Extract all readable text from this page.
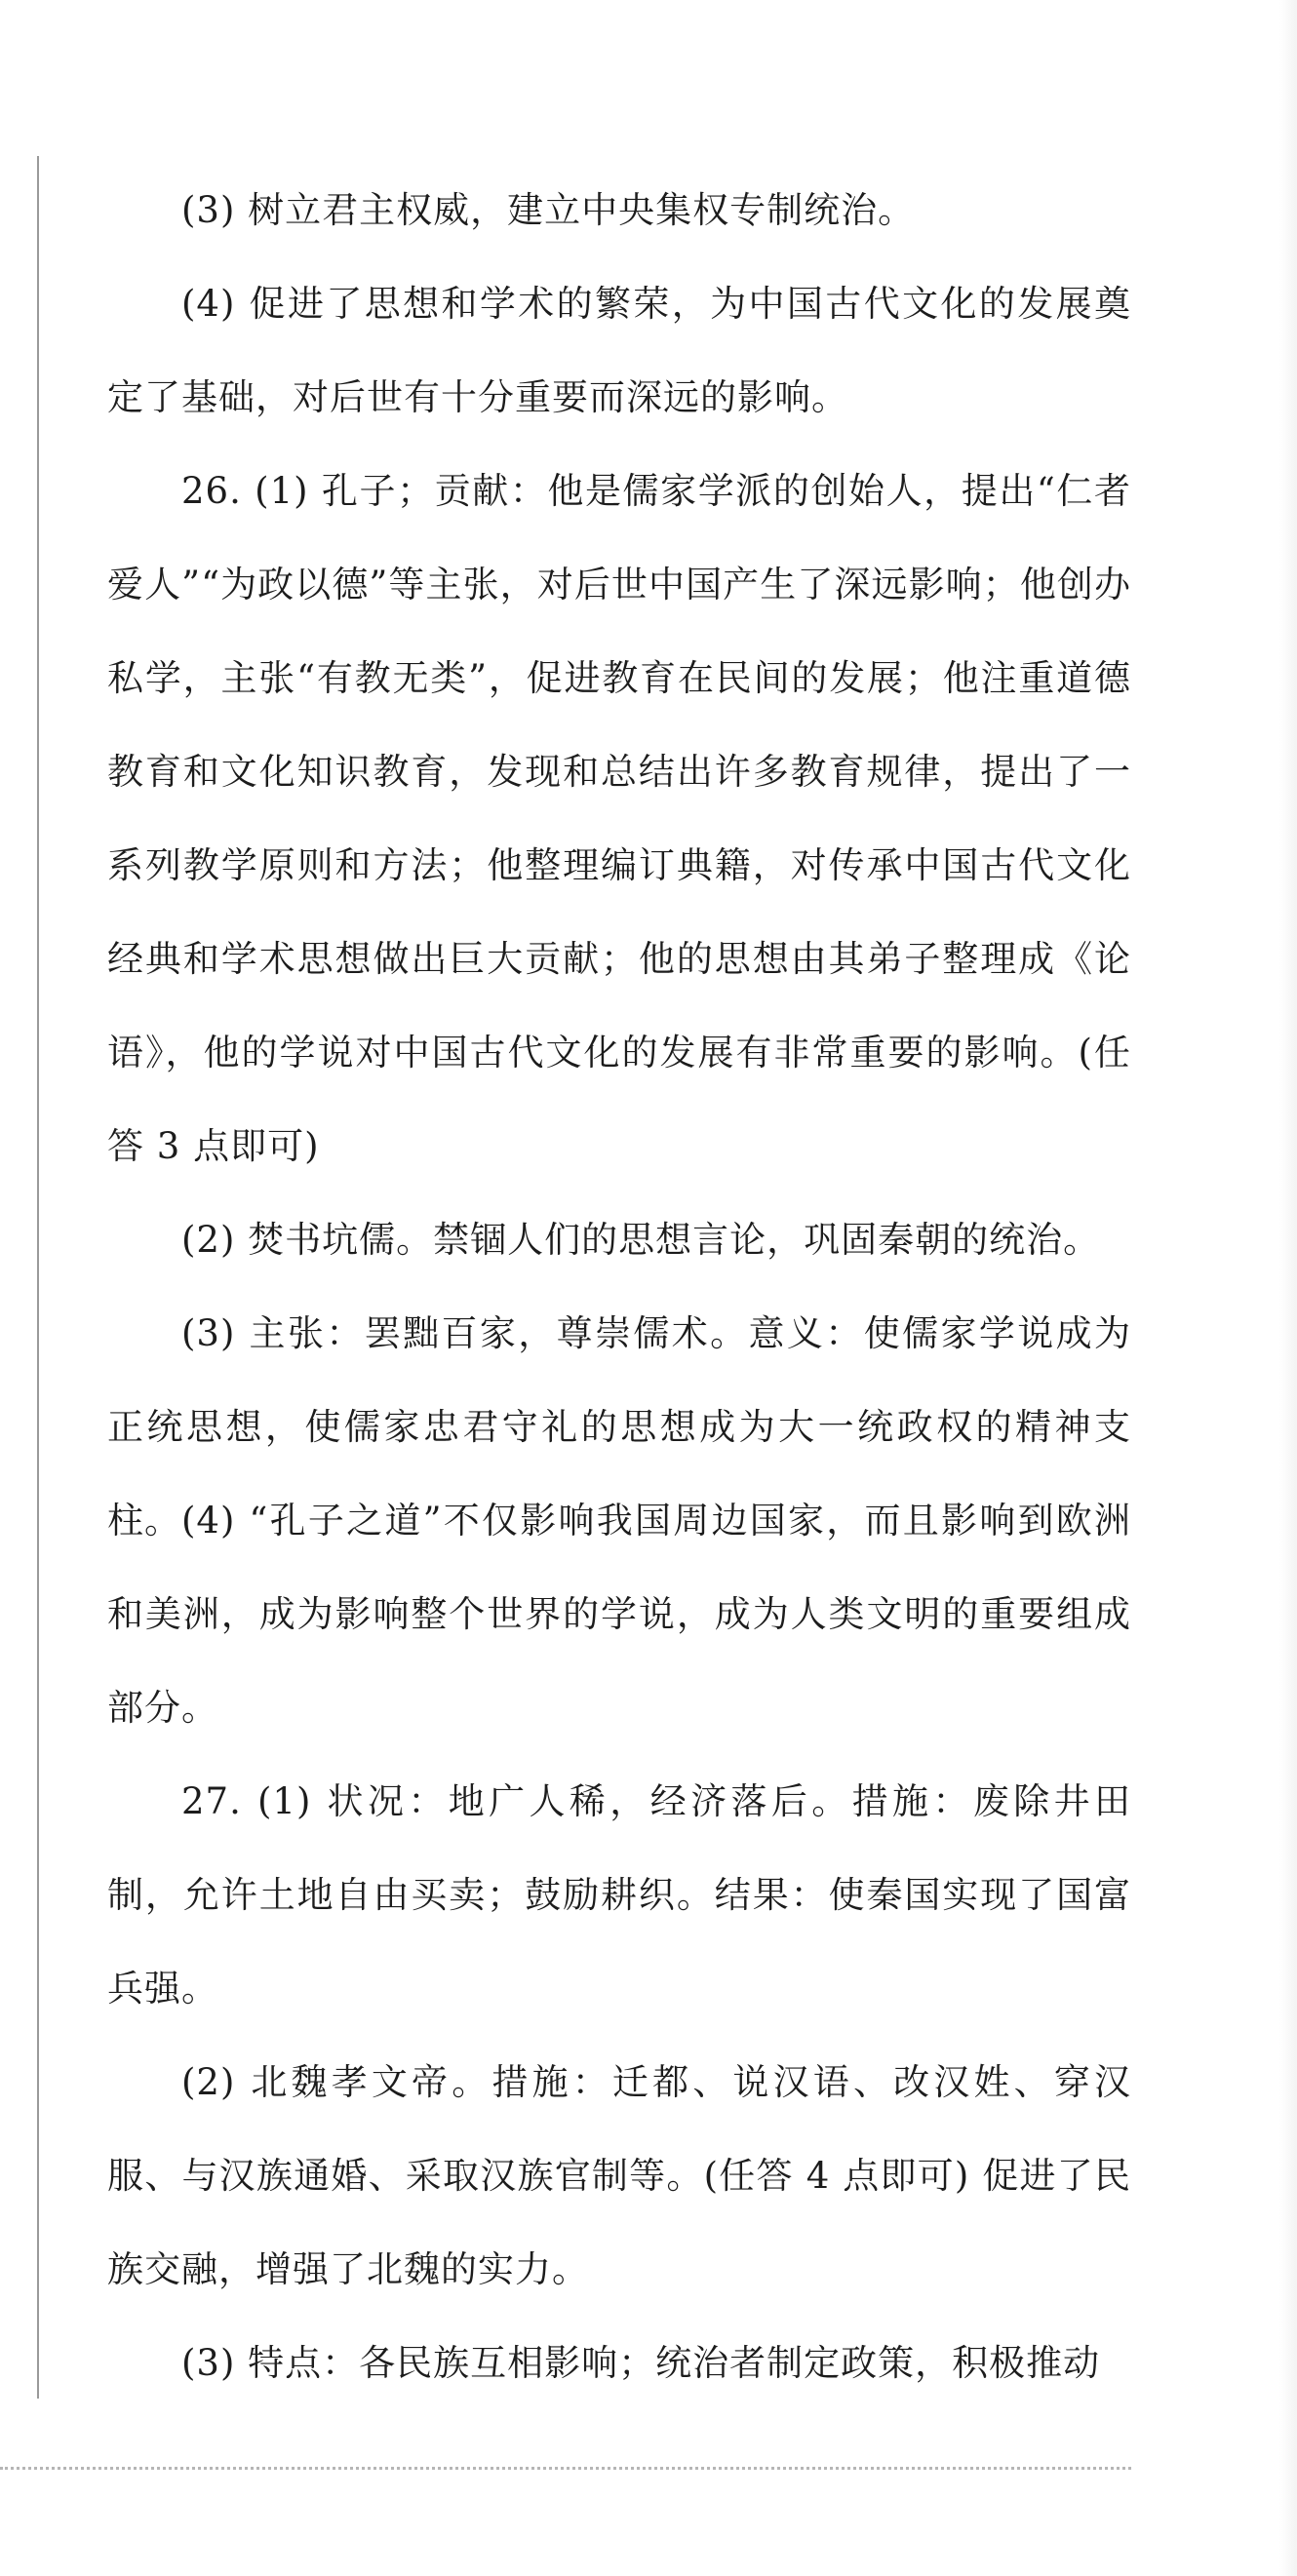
(3) 树立君主权威，建立中央集权专制统治。

(4) 促进了思想和学术的繁荣，为中国古代文化的发展奠定了基础，对后世有十分重要而深远的影响。

26. (1) 孔子；贡献：他是儒家学派的创始人，提出“仁者爱人”“为政以德”等主张，对后世中国产生了深远影响；他创办私学，主张“有教无类”，促进教育在民间的发展；他注重道德教育和文化知识教育，发现和总结出许多教育规律，提出了一系列教学原则和方法；他整理编订典籍，对传承中国古代文化经典和学术思想做出巨大贡献；他的思想由其弟子整理成《论语》，他的学说对中国古代文化的发展有非常重要的影响。(任答 3 点即可)

(2) 焚书坑儒。禁锢人们的思想言论，巩固秦朝的统治。

(3) 主张：罢黜百家，尊崇儒术。意义：使儒家学说成为正统思想，使儒家忠君守礼的思想成为大一统政权的精神支柱。 (4) “孔子之道”不仅影响我国周边国家，而且影响到欧洲和美洲，成为影响整个世界的学说，成为人类文明的重要组成部分。

27. (1) 状况：地广人稀，经济落后。措施：废除井田制，允许土地自由买卖；鼓励耕织。结果：使秦国实现了国富兵强。

(2) 北魏孝文帝。措施：迁都、说汉语、改汉姓、穿汉服、与汉族通婚、采取汉族官制等。(任答 4 点即可) 促进了民族交融，增强了北魏的实力。

(3) 特点：各民族互相影响；统治者制定政策，积极推动
